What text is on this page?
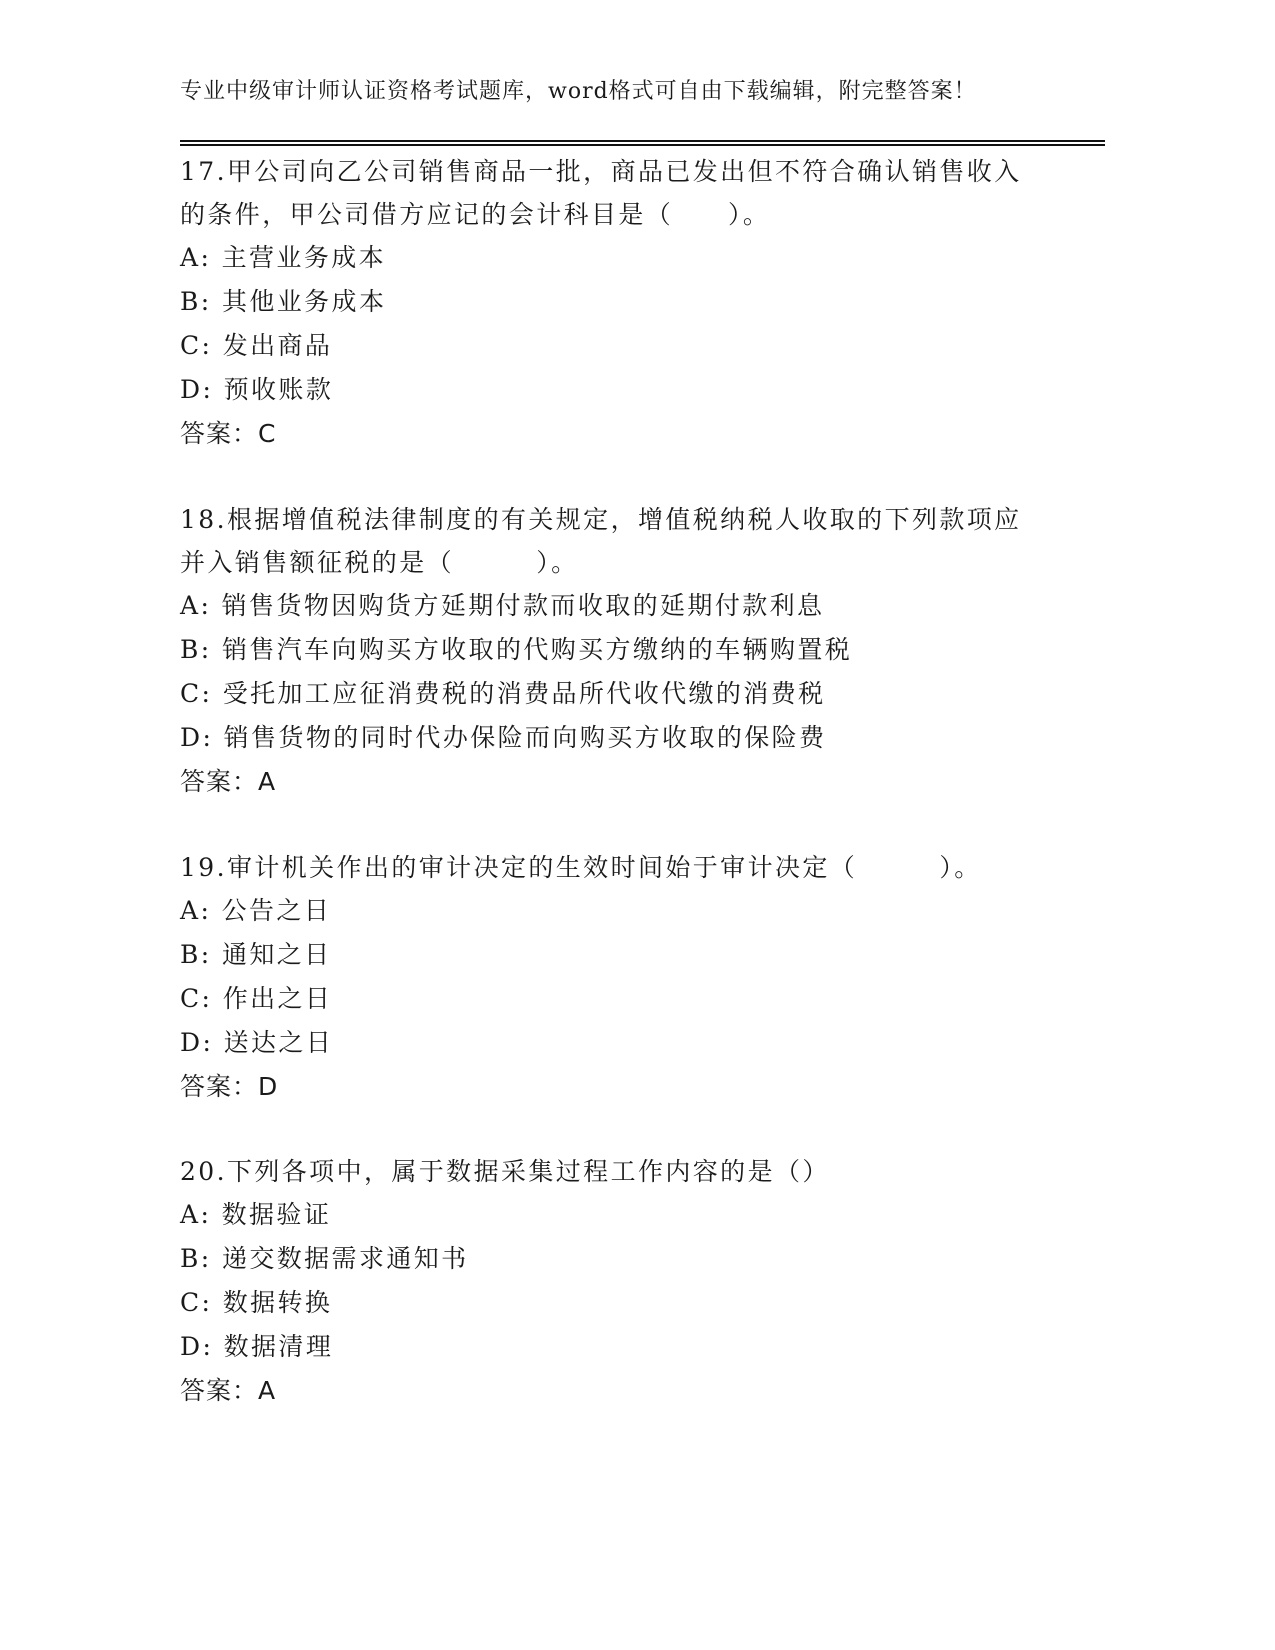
专业中级审计师认证资格考试题库，word格式可自由下载编辑，附完整答案！

17.甲公司向乙公司销售商品一批，商品已发出但不符合确认销售收入的条件，甲公司借方应记的会计科目是（　　）。

A: 主营业务成本

B: 其他业务成本

C: 发出商品

D: 预收账款

答案：C

18.根据增值税法律制度的有关规定，增值税纳税人收取的下列款项应并入销售额征税的是（　　　）。

A: 销售货物因购货方延期付款而收取的延期付款利息

B: 销售汽车向购买方收取的代购买方缴纳的车辆购置税

C: 受托加工应征消费税的消费品所代收代缴的消费税

D: 销售货物的同时代办保险而向购买方收取的保险费

答案：A

19.审计机关作出的审计决定的生效时间始于审计决定（　　　）。

A: 公告之日

B: 通知之日

C: 作出之日

D: 送达之日

答案：D

20.下列各项中，属于数据采集过程工作内容的是（）

A: 数据验证

B: 递交数据需求通知书

C: 数据转换

D: 数据清理

答案：A
